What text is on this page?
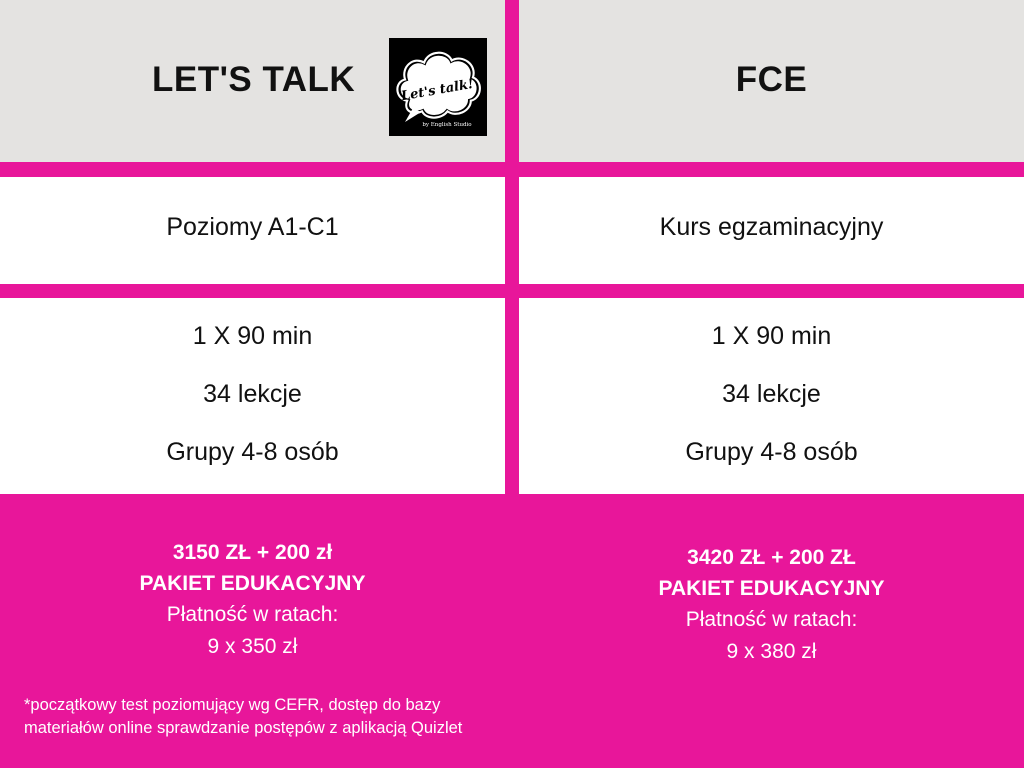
LET'S TALK	Let's talk!
by English Studio
Poziomy A1-C1
1 X 90 min
34 lekcje
Grupy 4-8 osób
3150 ZŁ + 200 zł
PAKIET EDUKACYJNY
Płatność w ratach:
9 x 350 zł
*początkowy test poziomujący wg CEFR, dostęp do bazy materiałów online sprawdzanie postępów z aplikacją Quizlet
FCE
Kurs egzaminacyjny
1 X 90 min
34 lekcje
Grupy 4-8 osób
3420 ZŁ + 200 ZŁ
PAKIET EDUKACYJNY
Płatność w ratach:
9 x 380 zł
